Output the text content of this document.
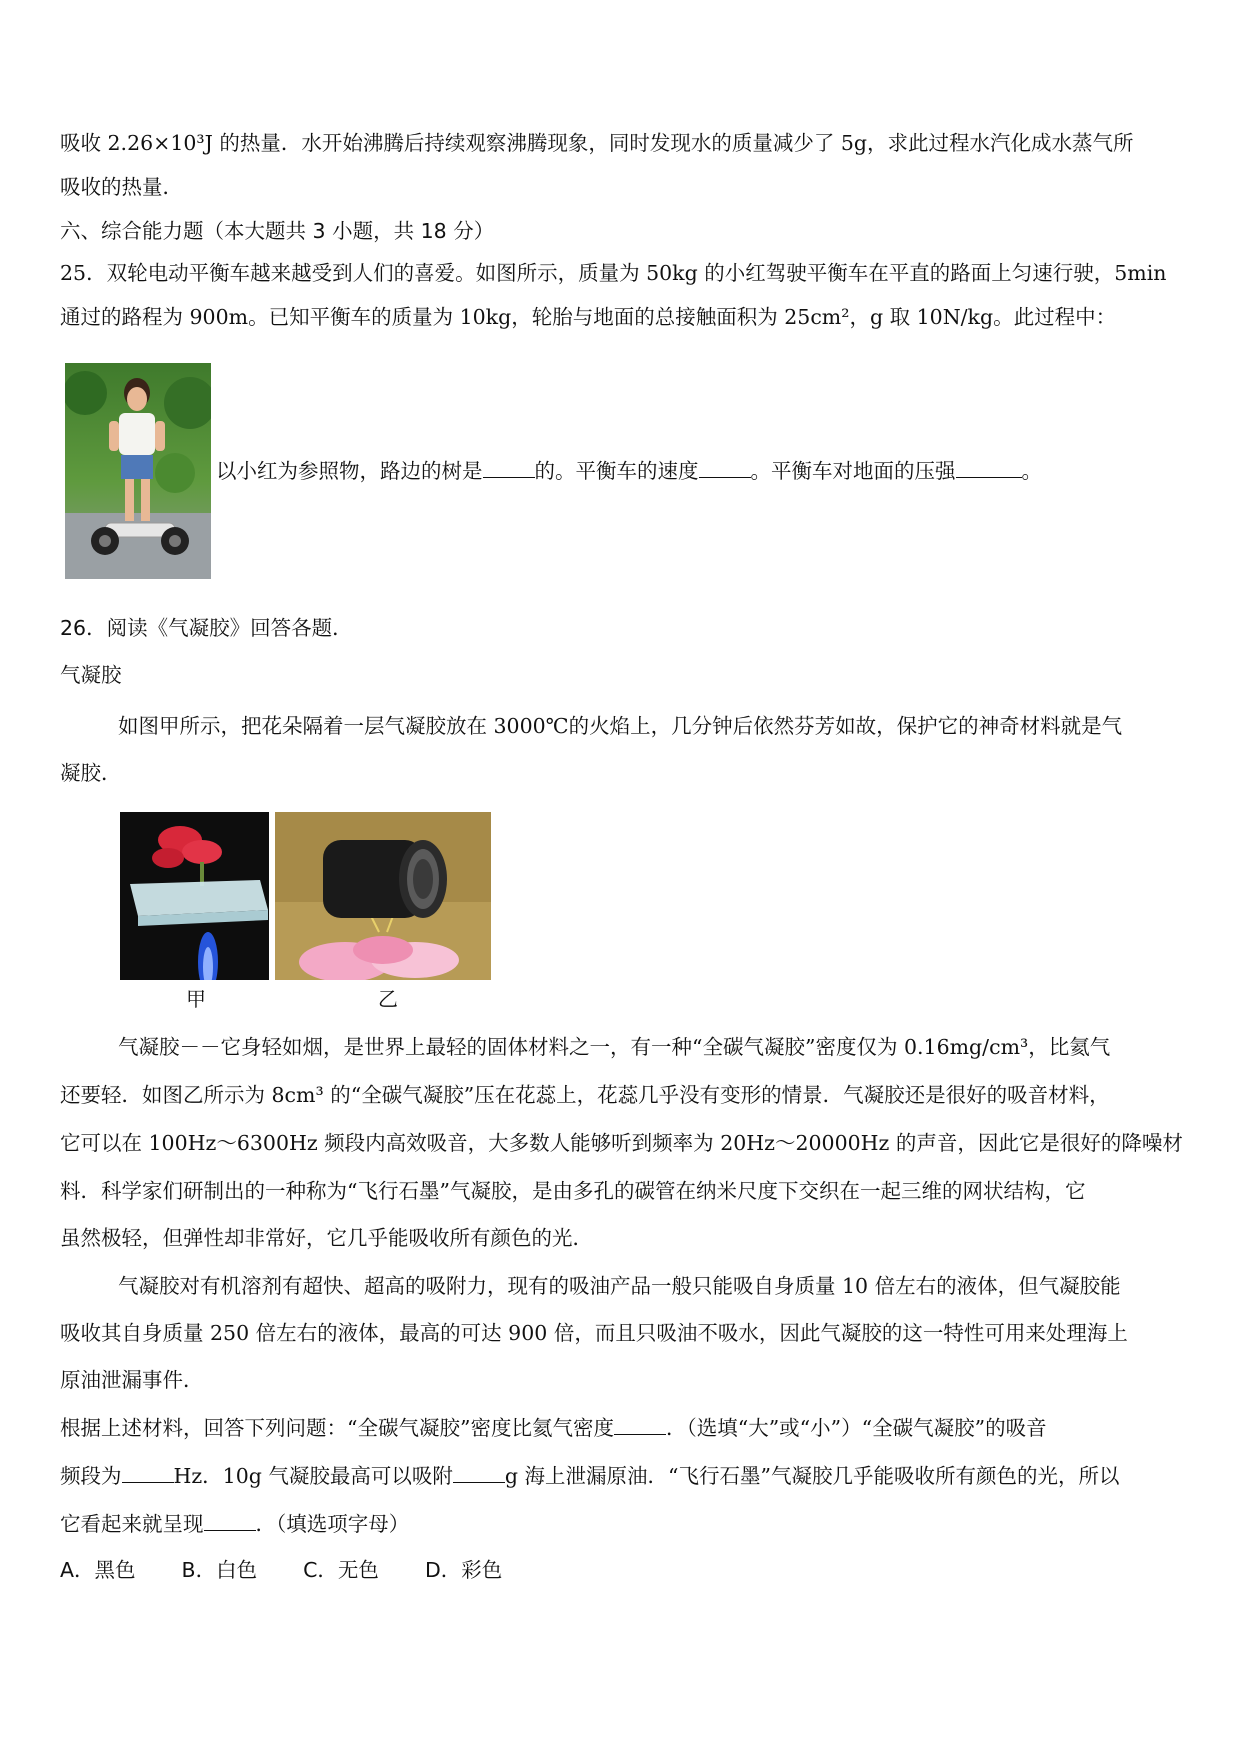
吸收 2.26×10³J 的热量．水开始沸腾后持续观察沸腾现象，同时发现水的质量减少了 5g，求此过程水汽化成水蒸气所
吸收的热量．
六、综合能力题（本大题共 3 小题，共 18 分）
25．双轮电动平衡车越来越受到人们的喜爱。如图所示，质量为 50kg 的小红驾驶平衡车在平直的路面上匀速行驶，5min
通过的路程为 900m。已知平衡车的质量为 10kg，轮胎与地面的总接触面积为 25cm²，g 取 10N/kg。此过程中：
以小红为参照物，路边的树是	的。平衡车的速度	。平衡车对地面的压强	。
26．阅读《气凝胶》回答各题．
气凝胶
如图甲所示，把花朵隔着一层气凝胶放在 3000℃的火焰上，几分钟后依然芬芳如故，保护它的神奇材料就是气
凝胶．
甲	乙
气凝胶－－它身轻如烟，是世界上最轻的固体材料之一，有一种“全碳气凝胶”密度仅为 0.16mg/cm³，比氦气
还要轻．如图乙所示为 8cm³ 的“全碳气凝胶”压在花蕊上，花蕊几乎没有变形的情景．气凝胶还是很好的吸音材料，
它可以在 100Hz～6300Hz 频段内高效吸音，大多数人能够听到频率为 20Hz～20000Hz 的声音，因此它是很好的降噪材
料．科学家们研制出的一种称为“飞行石墨”气凝胶，是由多孔的碳管在纳米尺度下交织在一起三维的网状结构，它
虽然极轻，但弹性却非常好，它几乎能吸收所有颜色的光．
气凝胶对有机溶剂有超快、超高的吸附力，现有的吸油产品一般只能吸自身质量 10 倍左右的液体，但气凝胶能
吸收其自身质量 250 倍左右的液体，最高的可达 900 倍，而且只吸油不吸水，因此气凝胶的这一特性可用来处理海上
原油泄漏事件．
根据上述材料，回答下列问题：“全碳气凝胶”密度比氦气密度	．（选填“大”或“小”）“全碳气凝胶”的吸音
频段为	Hz．10g 气凝胶最高可以吸附	g 海上泄漏原油．“飞行石墨”气凝胶几乎能吸收所有颜色的光，所以
它看起来就呈现	．（填选项字母）
A．黑色 B．白色 C．无色 D．彩色
